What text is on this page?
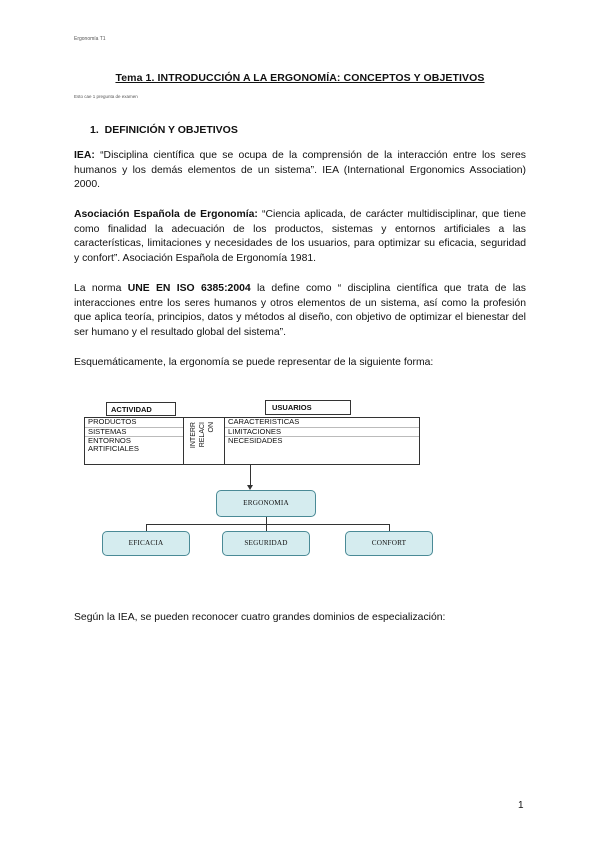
Ergonomía T1
Tema 1. INTRODUCCIÓN A LA ERGONOMÍA: CONCEPTOS Y OBJETIVOS
Esto cae 1 pregunta de examen
1. DEFINICIÓN Y OBJETIVOS
IEA: “Disciplina científica que se ocupa de la comprensión de la interacción entre los seres humanos y los demás elementos de un sistema”. IEA (International Ergonomics Association) 2000.
Asociación Española de Ergonomía: “Ciencia aplicada, de carácter multidisciplinar, que tiene como finalidad la adecuación de los productos, sistemas y entornos artificiales a las características, limitaciones y necesidades de los usuarios, para optimizar su eficacia, seguridad y confort”. Asociación Española de Ergonomía 1981.
La norma UNE EN ISO 6385:2004 la define como “ disciplina científica que trata de las interacciones entre los seres humanos y otros elementos de un sistema, así como la profesión que aplica teoría, principios, datos y métodos al diseño, con objetivo de optimizar el bienestar del ser humano y el resultado global del sistema”.
Esquemáticamente, la ergonomía se puede representar de la siguiente forma:
ACTIVIDAD	USUARIOS
PRODUCTOS
SISTEMAS
ENTORNOS ARTIFICIALES
INTERR RELACI ON
CARACTERISTICAS
LIMITACIONES
NECESIDADES
ERGONOMIA
EFICACIA	SEGURIDAD	CONFORT
Según la IEA, se pueden reconocer cuatro grandes dominios de especialización:
1
